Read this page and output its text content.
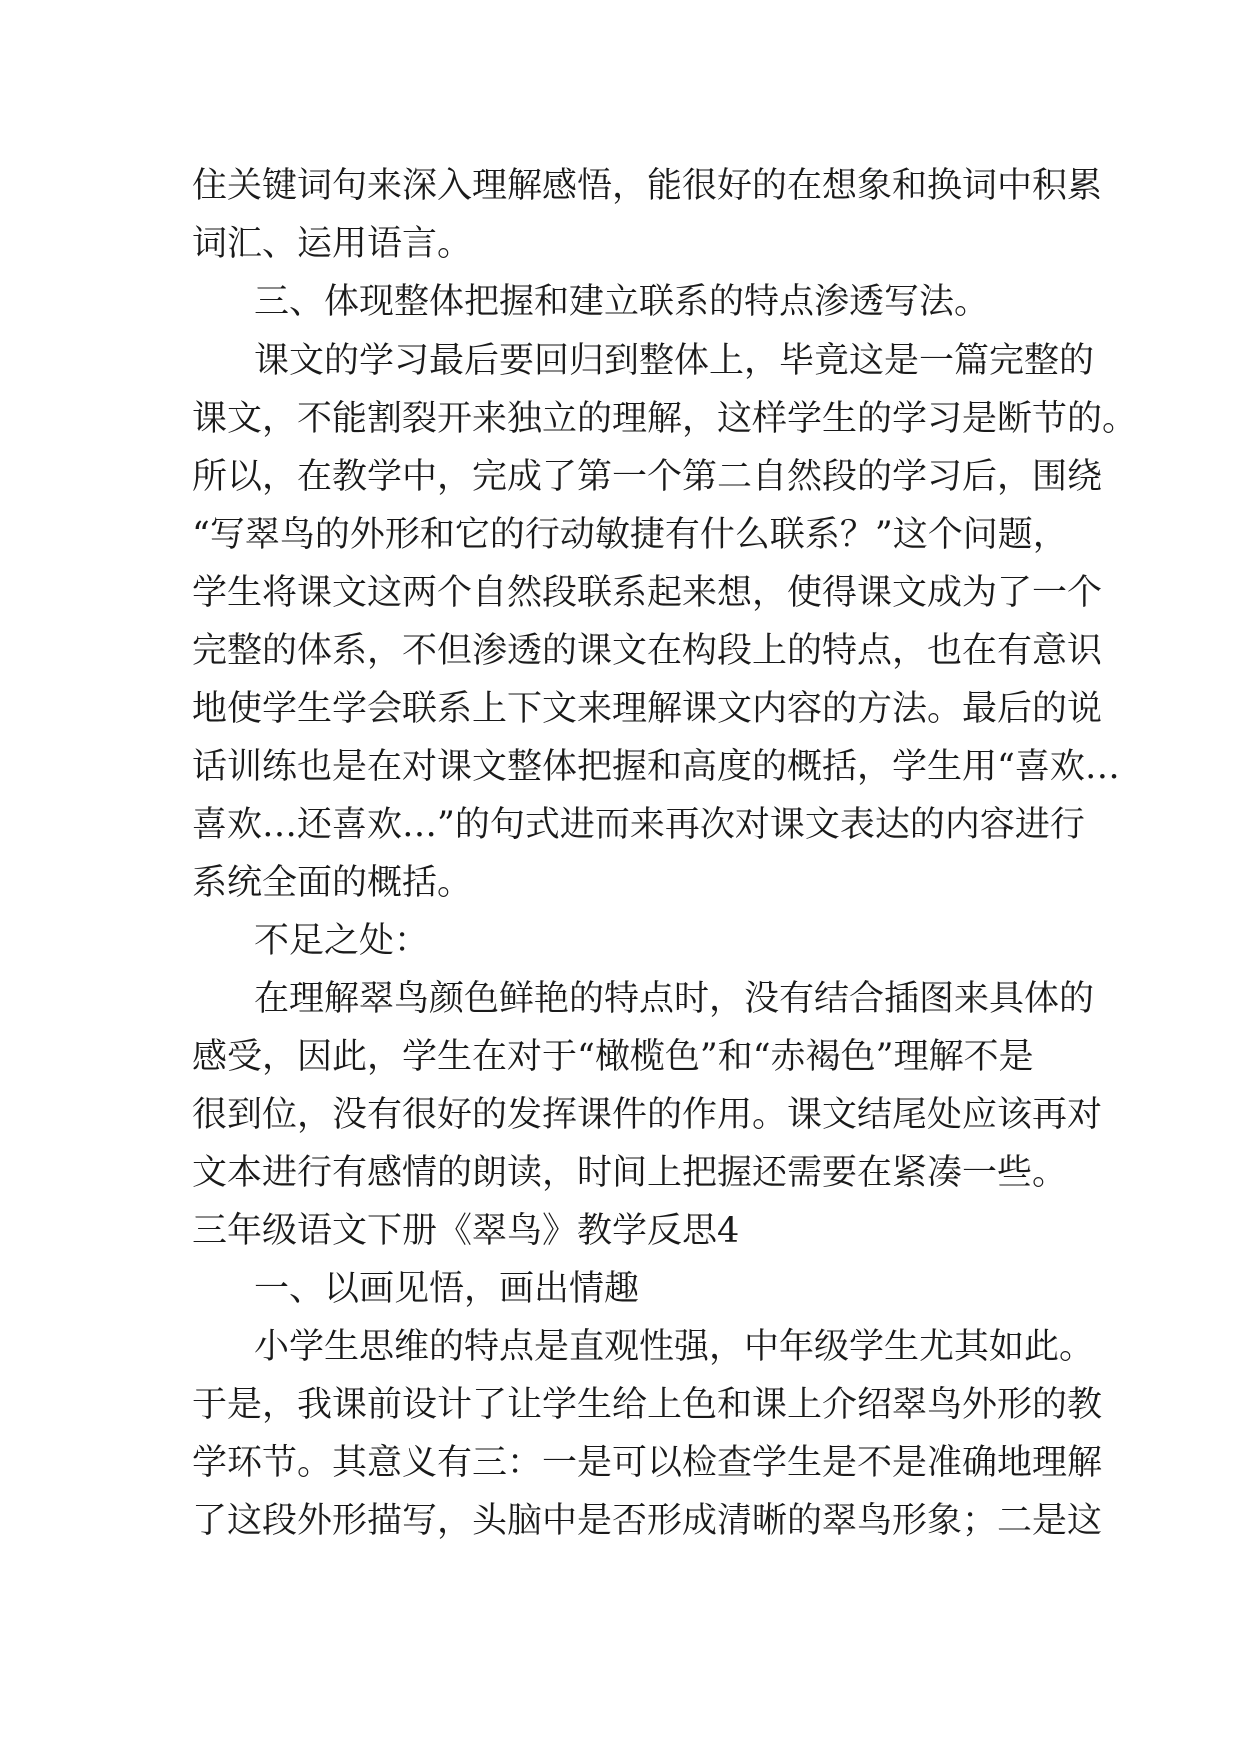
住关键词句来深入理解感悟，能很好的在想象和换词中积累
词汇、运用语言。
三、体现整体把握和建立联系的特点渗透写法。
课文的学习最后要回归到整体上，毕竟这是一篇完整的
课文，不能割裂开来独立的理解，这样学生的学习是断节的。
所以，在教学中，完成了第一个第二自然段的学习后，围绕
“写翠鸟的外形和它的行动敏捷有什么联系？”这个问题，
学生将课文这两个自然段联系起来想，使得课文成为了一个
完整的体系，不但渗透的课文在构段上的特点，也在有意识
地使学生学会联系上下文来理解课文内容的方法。最后的说
话训练也是在对课文整体把握和高度的概括，学生用“喜欢…
喜欢…还喜欢…”的句式进而来再次对课文表达的内容进行
系统全面的概括。
不足之处：
在理解翠鸟颜色鲜艳的特点时，没有结合插图来具体的
感受，因此，学生在对于“橄榄色”和“赤褐色”理解不是
很到位，没有很好的发挥课件的作用。课文结尾处应该再对
文本进行有感情的朗读，时间上把握还需要在紧凑一些。
三年级语文下册《翠鸟》教学反思4
一、以画见悟，画出情趣
小学生思维的特点是直观性强，中年级学生尤其如此。
于是，我课前设计了让学生给上色和课上介绍翠鸟外形的教
学环节。其意义有三：一是可以检查学生是不是准确地理解
了这段外形描写，头脑中是否形成清晰的翠鸟形象；二是这
